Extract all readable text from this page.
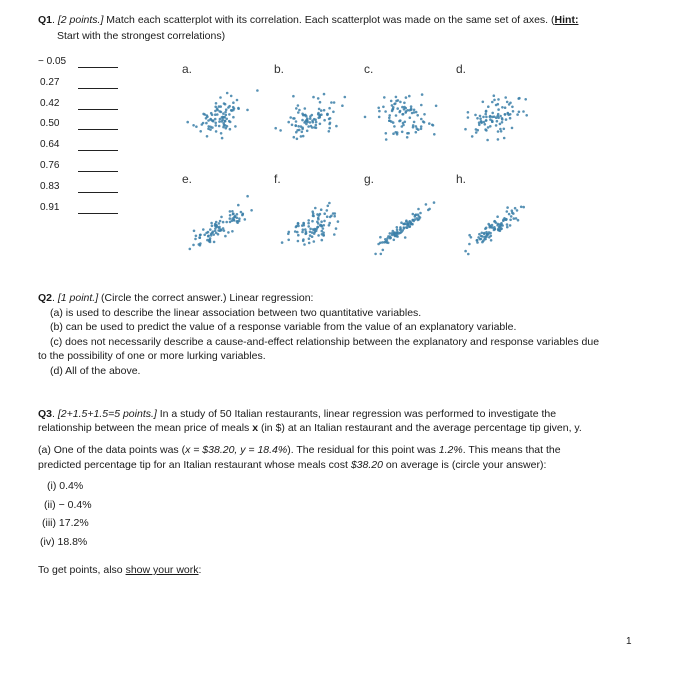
Q1. [2 points.] Match each scatterplot with its correlation. Each scatterplot was made on the same set of axes. (Hint:
Start with the strongest correlations)
− 0.05
0.27
0.42
0.50
0.64
0.76
0.83
0.91
a.	b.	c.	d.
e.	f.	g.	h.
Q2. [1 point.] (Circle the correct answer.) Linear regression:
(a) is used to describe the linear association between two quantitative variables.
(b) can be used to predict the value of a response variable from the value of an explanatory variable.
(c) does not necessarily describe a cause-and-effect relationship between the explanatory and response variables due
to the possibility of one or more lurking variables.
(d) All of the above.
Q3. [2+1.5+1.5=5 points.] In a study of 50 Italian restaurants, linear regression was performed to investigate the
relationship between the mean price of meals x (in $) at an Italian restaurant and the average percentage tip given, y.
(a) One of the data points was (x = $38.20, y = 18.4%). The residual for this point was 1.2%. This means that the
predicted percentage tip for an Italian restaurant whose meals cost $38.20 on average is (circle your answer):
(i) 0.4%
(ii) − 0.4%
(iii) 17.2%
(iv) 18.8%
To get points, also show your work:
1
